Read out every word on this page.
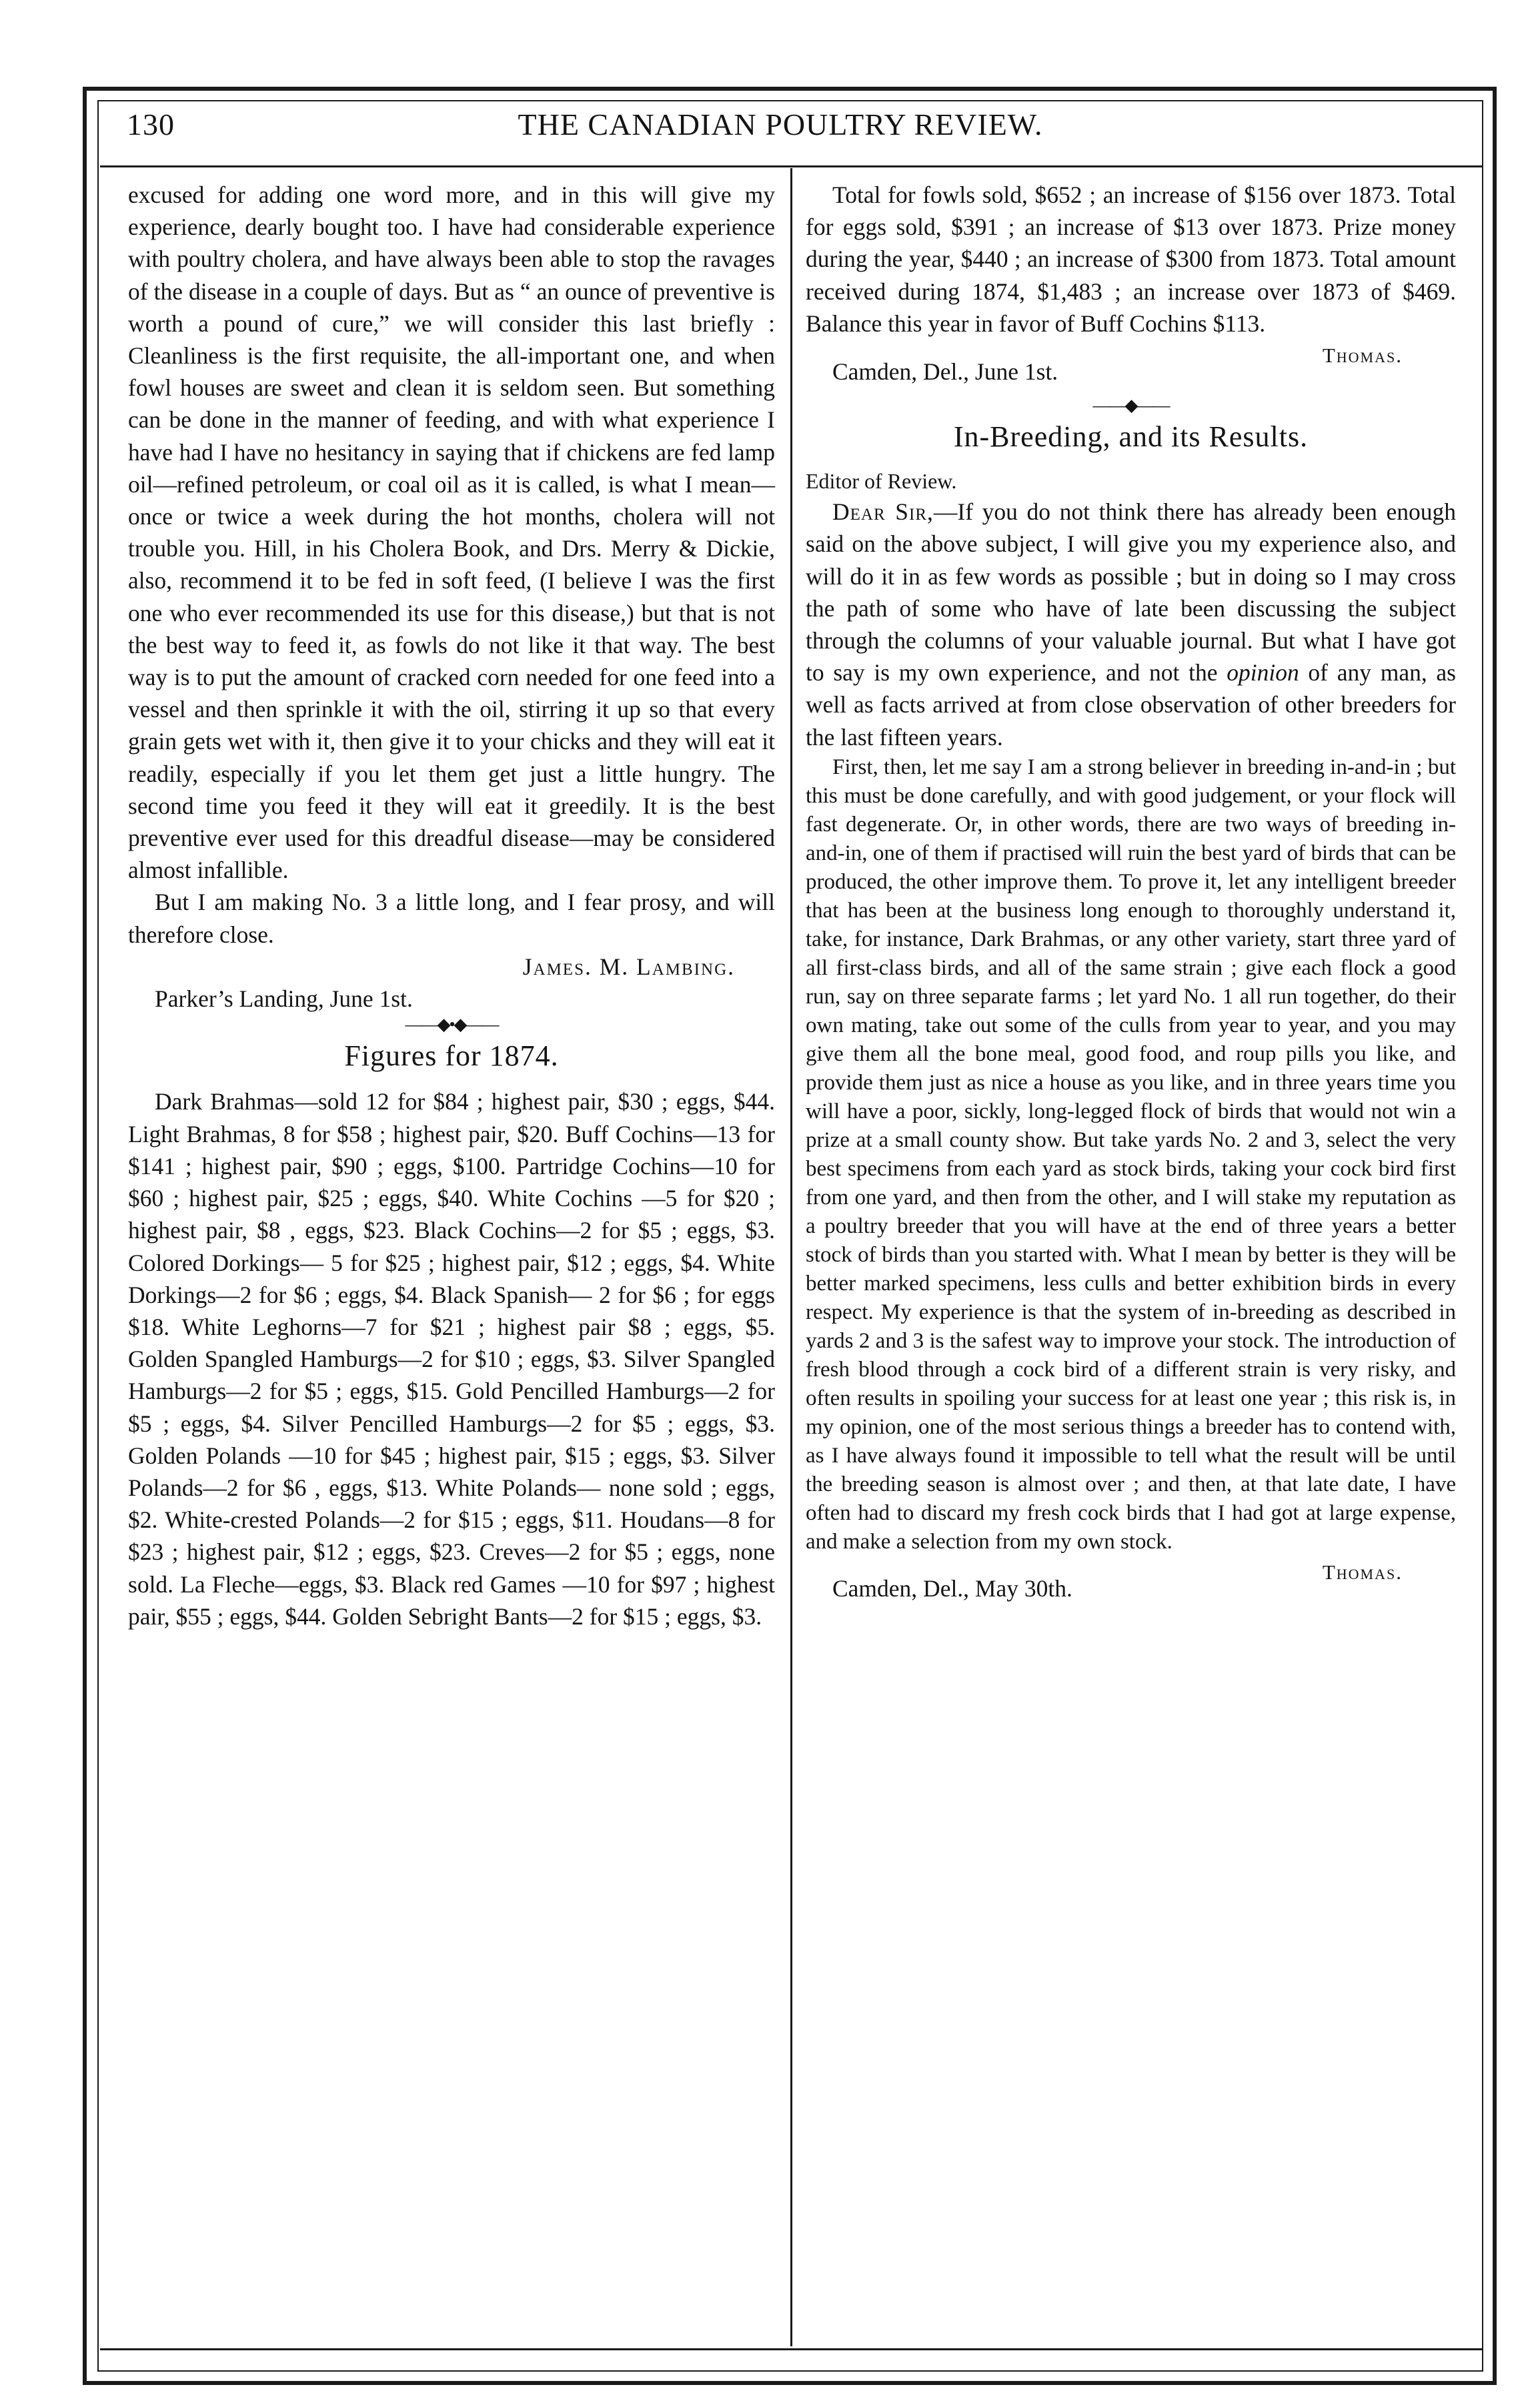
130	THE CANADIAN POULTRY REVIEW.

excused for adding one word more, and in this will give my experience, dearly bought too. I have had considerable experience with poultry cholera, and have always been able to stop the ravages of the disease in a couple of days. But as “ an ounce of preventive is worth a pound of cure,” we will consider this last briefly : Cleanliness is the first requisite, the all-important one, and when fowl houses are sweet and clean it is seldom seen. But something can be done in the manner of feeding, and with what experience I have had I have no hesitancy in saying that if chickens are fed lamp oil—refined petroleum, or coal oil as it is called, is what I mean—once or twice a week during the hot months, cholera will not trouble you. Hill, in his Cholera Book, and Drs. Merry & Dickie, also, recommend it to be fed in soft feed, (I believe I was the first one who ever recommended its use for this disease,) but that is not the best way to feed it, as fowls do not like it that way. The best way is to put the amount of cracked corn needed for one feed into a vessel and then sprinkle it with the oil, stirring it up so that every grain gets wet with it, then give it to your chicks and they will eat it readily, especially if you let them get just a little hungry. The second time you feed it they will eat it greedily. It is the best preventive ever used for this dreadful disease—may be considered almost infallible.

But I am making No. 3 a little long, and I fear prosy, and will therefore close.

James. M. Lambing.

Parker’s Landing, June 1st.

——◆•◆——
Figures for 1874.

Dark Brahmas—sold 12 for $84 ; highest pair, $30 ; eggs, $44. Light Brahmas, 8 for $58 ; highest pair, $20. Buff Cochins—13 for $141 ; highest pair, $90 ; eggs, $100. Partridge Cochins—10 for $60 ; highest pair, $25 ; eggs, $40. White Cochins —5 for $20 ; highest pair, $8 , eggs, $23. Black Cochins—2 for $5 ; eggs, $3. Colored Dorkings— 5 for $25 ; highest pair, $12 ; eggs, $4. White Dorkings—2 for $6 ; eggs, $4. Black Spanish— 2 for $6 ; for eggs $18. White Leghorns—7 for $21 ; highest pair $8 ; eggs, $5. Golden Spangled Hamburgs—2 for $10 ; eggs, $3. Silver Spangled Hamburgs—2 for $5 ; eggs, $15. Gold Pencilled Hamburgs—2 for $5 ; eggs, $4. Silver Pencilled Hamburgs—2 for $5 ; eggs, $3. Golden Polands —10 for $45 ; highest pair, $15 ; eggs, $3. Silver Polands—2 for $6 , eggs, $13. White Polands— none sold ; eggs, $2. White-crested Polands—2 for $15 ; eggs, $11. Houdans—8 for $23 ; highest pair, $12 ; eggs, $23. Creves—2 for $5 ; eggs, none sold. La Fleche—eggs, $3. Black red Games —10 for $97 ; highest pair, $55 ; eggs, $44. Golden Sebright Bants—2 for $15 ; eggs, $3.

Total for fowls sold, $652 ; an increase of $156 over 1873. Total for eggs sold, $391 ; an increase of $13 over 1873. Prize money during the year, $440 ; an increase of $300 from 1873. Total amount received during 1874, $1,483 ; an increase over 1873 of $469. Balance this year in favor of Buff Cochins $113.

Thomas.
Camden, Del., June 1st.
——◆——
In-Breeding, and its Results.

Editor of Review.

Dear Sir,—If you do not think there has already been enough said on the above subject, I will give you my experience also, and will do it in as few words as possible ; but in doing so I may cross the path of some who have of late been discussing the subject through the columns of your valuable journal. But what I have got to say is my own experience, and not the opinion of any man, as well as facts arrived at from close observation of other breeders for the last fifteen years.

First, then, let me say I am a strong believer in breeding in-and-in ; but this must be done carefully, and with good judgement, or your flock will fast degenerate. Or, in other words, there are two ways of breeding in-and-in, one of them if practised will ruin the best yard of birds that can be produced, the other improve them. To prove it, let any intelligent breeder that has been at the business long enough to thoroughly understand it, take, for instance, Dark Brahmas, or any other variety, start three yard of all first-class birds, and all of the same strain ; give each flock a good run, say on three separate farms ; let yard No. 1 all run together, do their own mating, take out some of the culls from year to year, and you may give them all the bone meal, good food, and roup pills you like, and provide them just as nice a house as you like, and in three years time you will have a poor, sickly, long-legged flock of birds that would not win a prize at a small county show. But take yards No. 2 and 3, select the very best specimens from each yard as stock birds, taking your cock bird first from one yard, and then from the other, and I will stake my reputation as a poultry breeder that you will have at the end of three years a better stock of birds than you started with. What I mean by better is they will be better marked specimens, less culls and better exhibition birds in every respect. My experience is that the system of in-breeding as described in yards 2 and 3 is the safest way to improve your stock. The introduction of fresh blood through a cock bird of a different strain is very risky, and often results in spoiling your success for at least one year ; this risk is, in my opinion, one of the most serious things a breeder has to contend with, as I have always found it impossible to tell what the result will be until the breeding season is almost over ; and then, at that late date, I have often had to discard my fresh cock birds that I had got at large expense, and make a selection from my own stock.

Thomas.
Camden, Del., May 30th.
